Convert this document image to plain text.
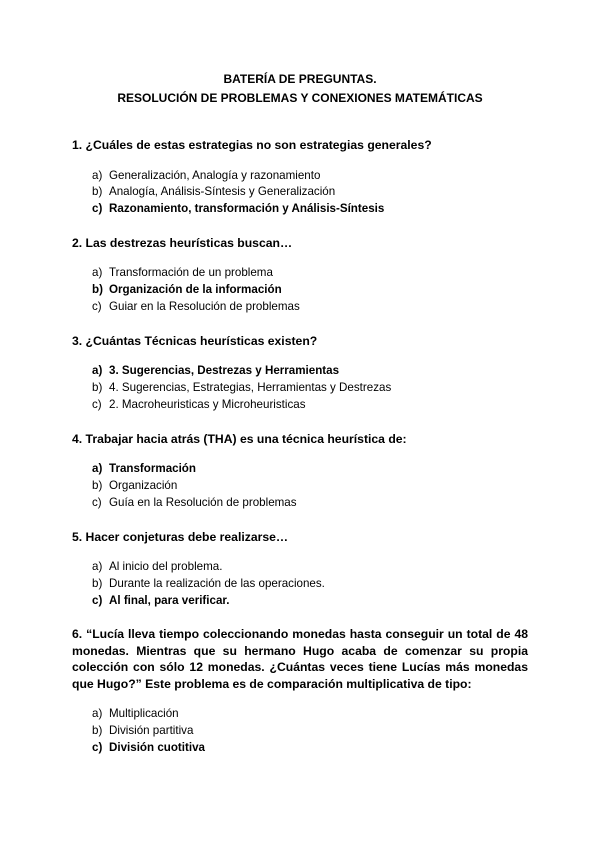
BATERÍA DE PREGUNTAS.

RESOLUCIÓN DE PROBLEMAS Y CONEXIONES MATEMÁTICAS

1. ¿Cuáles de estas estrategias no son estrategias generales?

a) Generalización, Analogía y razonamiento
b) Analogía, Análisis-Síntesis y Generalización
c) Razonamiento, transformación y Análisis-Síntesis

2. Las destrezas heurísticas buscan…

a) Transformación de un problema
b) Organización de la información
c) Guiar en la Resolución de problemas

3. ¿Cuántas Técnicas heurísticas existen?

a) 3. Sugerencias, Destrezas y Herramientas
b) 4. Sugerencias, Estrategias, Herramientas y Destrezas
c) 2. Macroheuristicas y Microheuristicas

4. Trabajar hacia atrás (THA) es una técnica heurística de:

a) Transformación
b) Organización
c) Guía en la Resolución de problemas

5. Hacer conjeturas debe realizarse…

a) Al inicio del problema.
b) Durante la realización de las operaciones.
c) Al final, para verificar.

6. “Lucía lleva tiempo coleccionando monedas hasta conseguir un total de 48 monedas. Mientras que su hermano Hugo acaba de comenzar su propia colección con sólo 12 monedas. ¿Cuántas veces tiene Lucías más monedas que Hugo?” Este problema es de comparación multiplicativa de tipo:

a) Multiplicación
b) División partitiva
c) División cuotitiva
